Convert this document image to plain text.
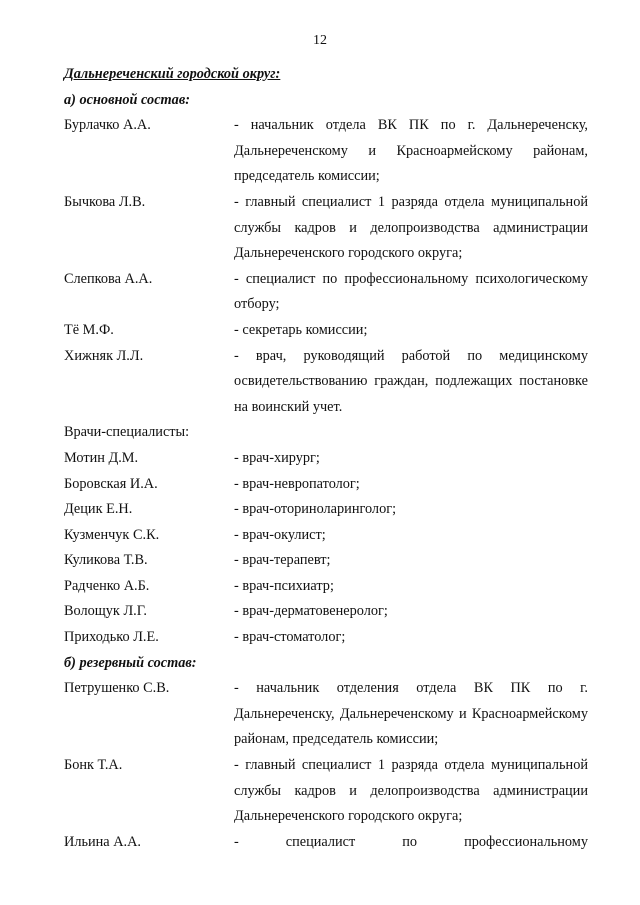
12
Дальнереченский городской округ:
а) основной состав:
Бурлачко А.А.	- начальник отдела ВК ПК по г. Дальнереченску, Дальнереченскому и Красноармейскому районам, председатель комиссии;
Бычкова Л.В.	- главный специалист 1 разряда отдела муниципальной службы кадров и делопроизводства администрации Дальнереченского городского округа;
Слепкова А.А.	- специалист по профессиональному психологическому отбору;
Тё М.Ф.	- секретарь комиссии;
Хижняк Л.Л.	- врач, руководящий работой по медицинскому освидетельствованию граждан, подлежащих постановке на воинский учет.
Врачи-специалисты:
Мотин Д.М.	- врач-хирург;
Боровская И.А.	- врач-невропатолог;
Децик Е.Н.	- врач-оториноларинголог;
Кузменчук С.К.	- врач-окулист;
Куликова Т.В.	- врач-терапевт;
Радченко А.Б.	- врач-психиатр;
Волощук Л.Г.	- врач-дерматовенеролог;
Приходько Л.Е.	- врач-стоматолог;
б) резервный состав:
Петрушенко С.В.	- начальник отделения отдела ВК ПК по г. Дальнереченску, Дальнереченскому и Красноармейскому районам, председатель комиссии;
Бонк Т.А.	- главный специалист 1 разряда отдела муниципальной службы кадров и делопроизводства администрации Дальнереченского городского округа;
Ильина А.А.	- специалист по профессиональному
